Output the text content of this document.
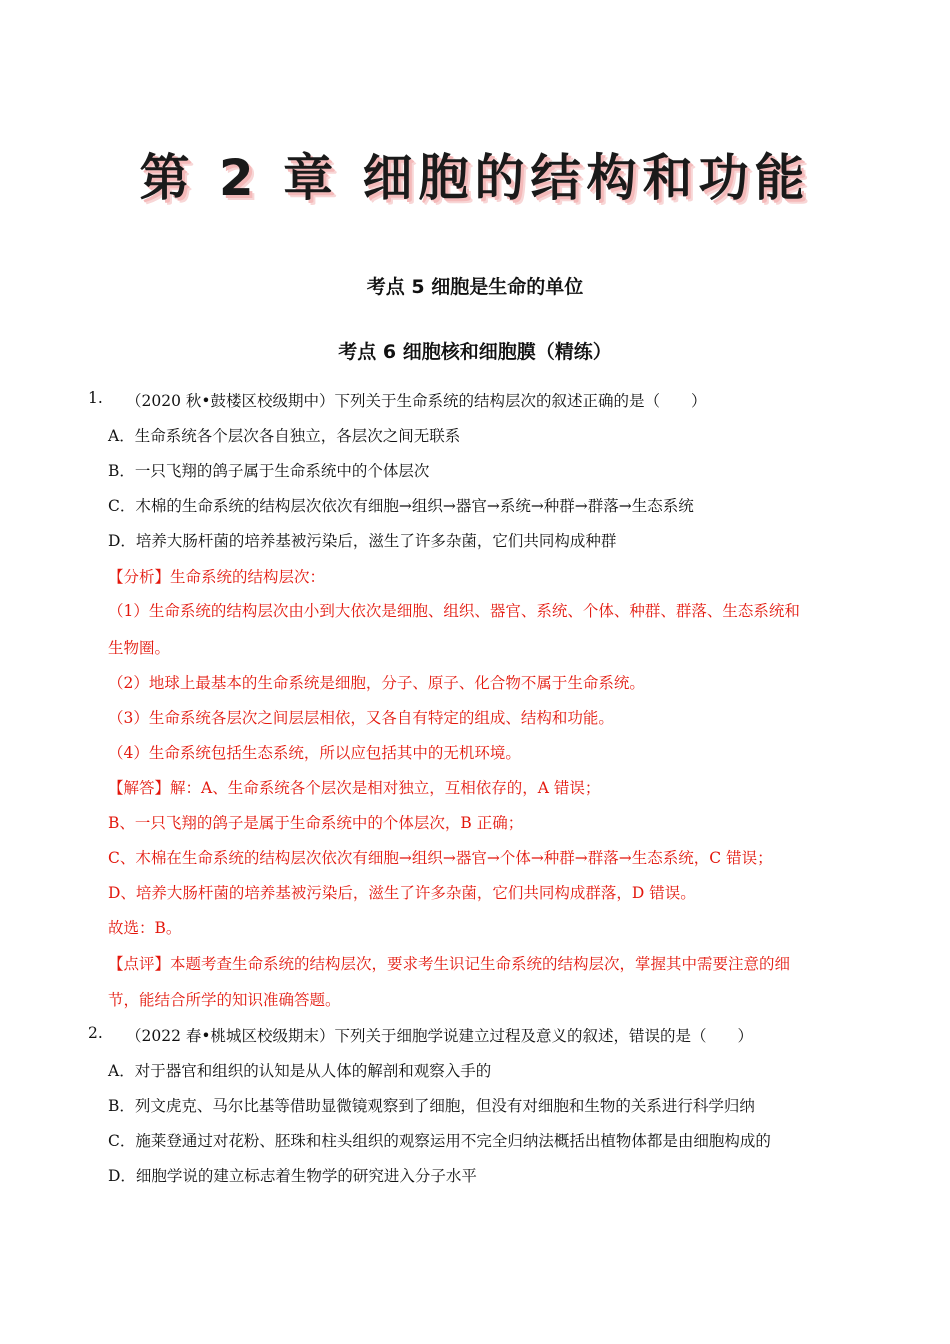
第 2 章 细胞的结构和功能
考点 5 细胞是生命的单位
考点 6 细胞核和细胞膜（精练）
1. （2020 秋•鼓楼区校级期中）下列关于生命系统的结构层次的叙述正确的是（　　）
A．生命系统各个层次各自独立，各层次之间无联系
B．一只飞翔的鸽子属于生命系统中的个体层次
C．木棉的生命系统的结构层次依次有细胞→组织→器官→系统→种群→群落→生态系统
D．培养大肠杆菌的培养基被污染后，滋生了许多杂菌，它们共同构成种群
【分析】生命系统的结构层次：
（1）生命系统的结构层次由小到大依次是细胞、组织、器官、系统、个体、种群、群落、生态系统和
生物圈。
（2）地球上最基本的生命系统是细胞，分子、原子、化合物不属于生命系统。
（3）生命系统各层次之间层层相依，又各自有特定的组成、结构和功能。
（4）生命系统包括生态系统，所以应包括其中的无机环境。
【解答】解：A、生命系统各个层次是相对独立，互相依存的，A 错误；
B、一只飞翔的鸽子是属于生命系统中的个体层次，B 正确；
C、木棉在生命系统的结构层次依次有细胞→组织→器官→个体→种群→群落→生态系统，C 错误；
D、培养大肠杆菌的培养基被污染后，滋生了许多杂菌，它们共同构成群落，D 错误。
故选：B。
【点评】本题考查生命系统的结构层次，要求考生识记生命系统的结构层次，掌握其中需要注意的细
节，能结合所学的知识准确答题。
2. （2022 春•桃城区校级期末）下列关于细胞学说建立过程及意义的叙述，错误的是（　　）
A．对于器官和组织的认知是从人体的解剖和观察入手的
B．列文虎克、马尔比基等借助显微镜观察到了细胞，但没有对细胞和生物的关系进行科学归纳
C．施莱登通过对花粉、胚珠和柱头组织的观察运用不完全归纳法概括出植物体都是由细胞构成的
D．细胞学说的建立标志着生物学的研究进入分子水平
